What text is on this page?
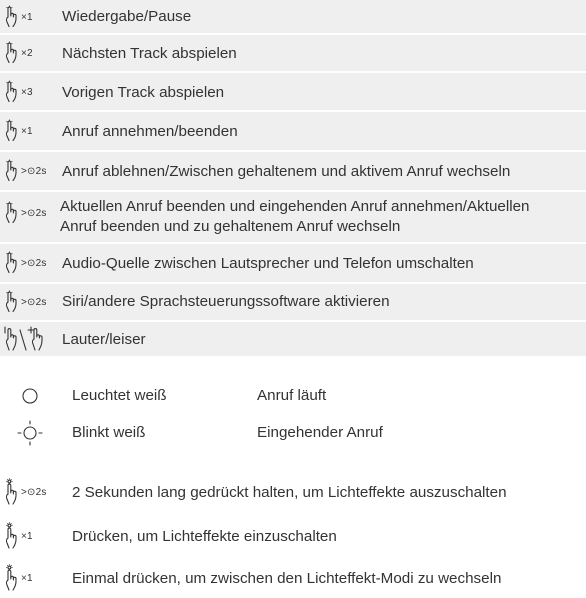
×1 Wiedergabe/Pause
×2 Nächsten Track abspielen
×3 Vorigen Track abspielen
×1 Anruf annehmen/beenden
>⊙2s Anruf ablehnen/Zwischen gehaltenem und aktivem Anruf wechseln
>⊙2s Aktuellen Anruf beenden und eingehenden Anruf annehmen/Aktuellen
Anruf beenden und zu gehaltenem Anruf wechseln
>⊙2s Audio-Quelle zwischen Lautsprecher und Telefon umschalten
>⊙2s Siri/andere Sprachsteuerungssoftware aktivieren
Lauter/leiser
Leuchtet weiß	Anruf läuft
Blinkt weiß	Eingehender Anruf
>⊙2s 2 Sekunden lang gedrückt halten, um Lichteffekte auszuschalten
×1	Drücken, um Lichteffekte einzuschalten
×1	Einmal drücken, um zwischen den Lichteffekt-Modi zu wechseln
